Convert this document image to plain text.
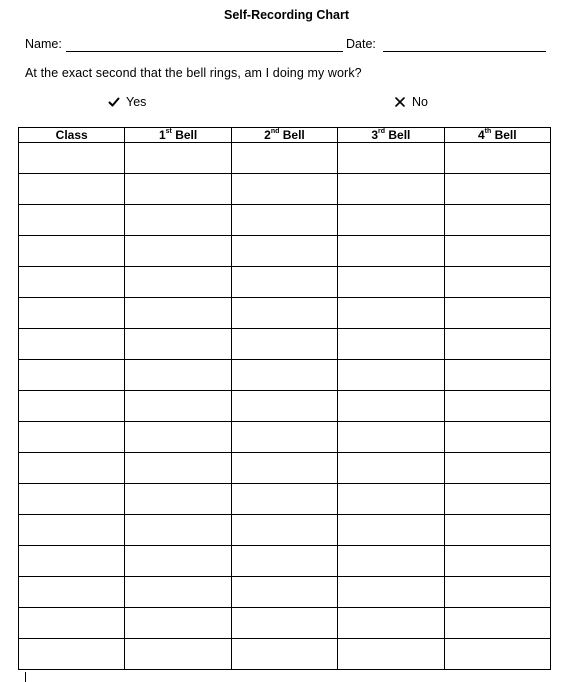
Self-Recording Chart
Name:	Date:
At the exact second that the bell rings, am I doing my work?
Yes	No
Class	1st Bell	2nd Bell	3rd Bell	4th Bell
